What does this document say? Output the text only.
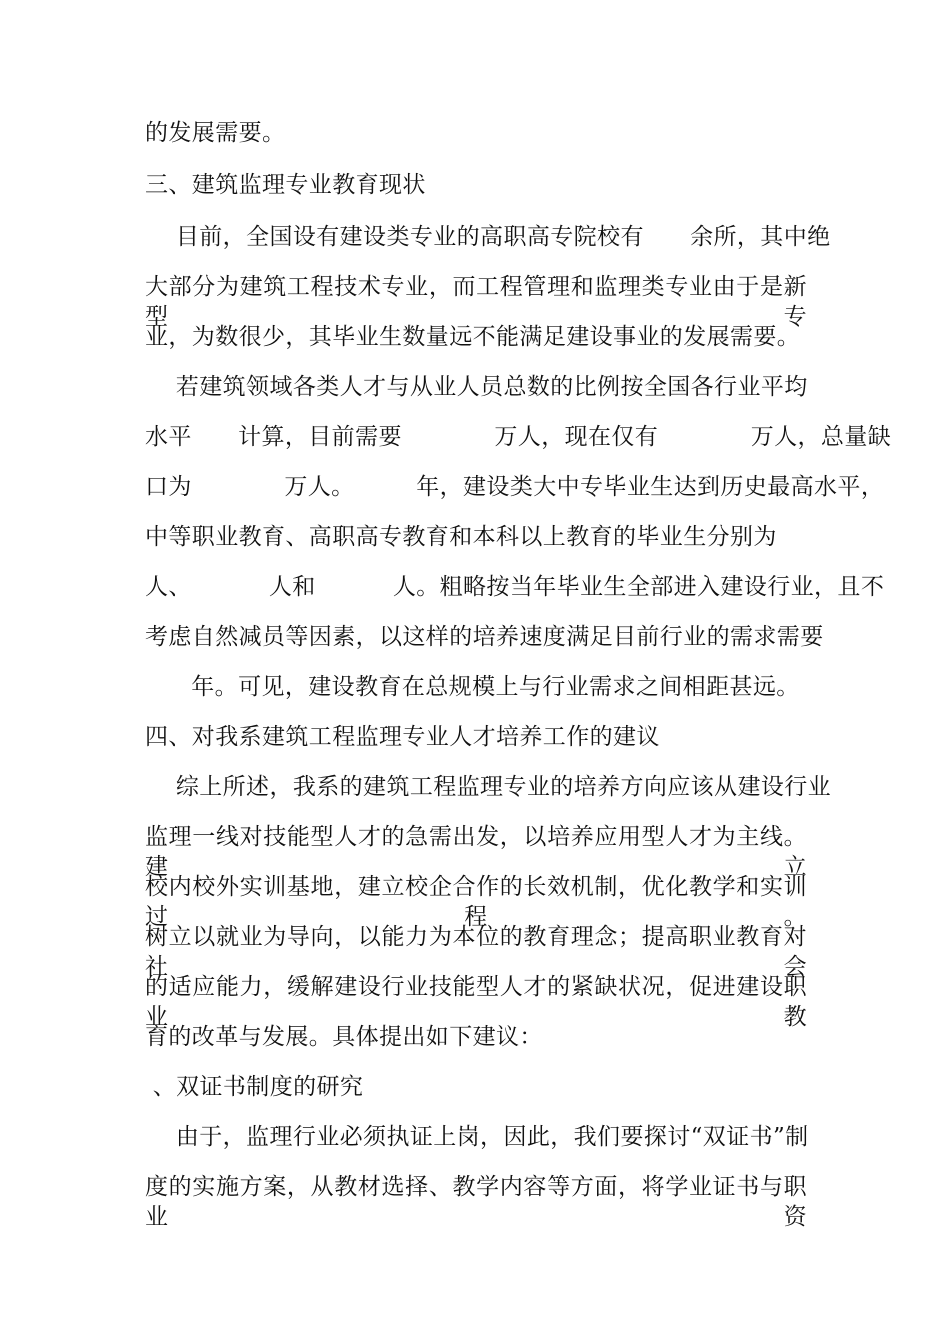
的发展需要。
三、建筑监理专业教育现状
目前，全国设有建设类专业的高职高专院校有      余所，其中绝
大部分为建筑工程技术专业，而工程管理和监理类专业由于是新型专
业，为数很少，其毕业生数量远不能满足建设事业的发展需要。
若建筑领域各类人才与从业人员总数的比例按全国各行业平均
水平      计算，目前需要            万人，现在仅有            万人，总量缺
口为            万人。        年，建设类大中专毕业生达到历史最高水平，
中等职业教育、高职高专教育和本科以上教育的毕业生分别为
人、          人和          人。粗略按当年毕业生全部进入建设行业，且不
考虑自然减员等因素，以这样的培养速度满足目前行业的需求需要
年。可见，建设教育在总规模上与行业需求之间相距甚远。
四、对我系建筑工程监理专业人才培养工作的建议
综上所述，我系的建筑工程监理专业的培养方向应该从建设行业
监理一线对技能型人才的急需出发，以培养应用型人才为主线。建立
校内校外实训基地，建立校企合作的长效机制，优化教学和实训过程。
树立以就业为导向，以能力为本位的教育理念；提高职业教育对社会
的适应能力，缓解建设行业技能型人才的紧缺状况，促进建设职业教
育的改革与发展。具体提出如下建议：
、双证书制度的研究
由于，监理行业必须执证上岗，因此，我们要探讨“双证书”制
度的实施方案，从教材选择、教学内容等方面，将学业证书与职业资
